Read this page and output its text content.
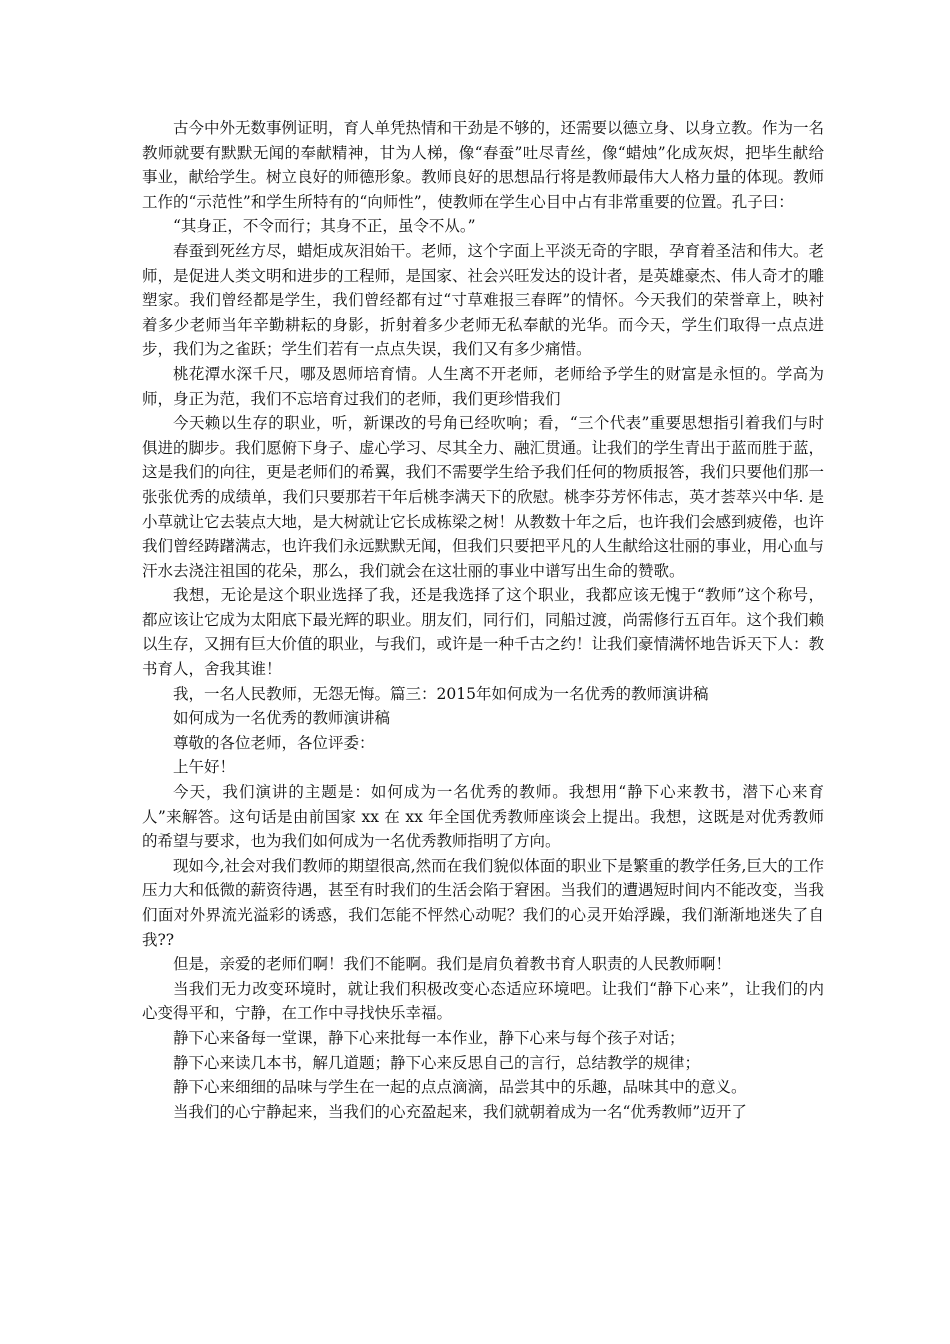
古今中外无数事例证明，育人单凭热情和干劲是不够的，还需要以德立身、以身立教。作为一名教师就要有默默无闻的奉献精神，甘为人梯，像“春蚕”吐尽青丝，像“蜡烛”化成灰烬，把毕生献给事业，献给学生。树立良好的师德形象。教师良好的思想品行将是教师最伟大人格力量的体现。教师工作的“示范性”和学生所特有的“向师性”，使教师在学生心目中占有非常重要的位置。孔子曰：

“其身正，不令而行；其身不正，虽令不从。”

春蚕到死丝方尽，蜡炬成灰泪始干。老师，这个字面上平淡无奇的字眼，孕育着圣洁和伟大。老师，是促进人类文明和进步的工程师，是国家、社会兴旺发达的设计者，是英雄豪杰、伟人奇才的雕塑家。我们曾经都是学生，我们曾经都有过“寸草难报三春晖”的情怀。今天我们的荣誉章上，映衬着多少老师当年辛勤耕耘的身影，折射着多少老师无私奉献的光华。而今天，学生们取得一点点进步，我们为之雀跃；学生们若有一点点失误，我们又有多少痛惜。

桃花潭水深千尺，哪及恩师培育情。人生离不开老师，老师给予学生的财富是永恒的。学高为师，身正为范，我们不忘培育过我们的老师，我们更珍惜我们

今天赖以生存的职业，听，新课改的号角已经吹响；看，“三个代表”重要思想指引着我们与时俱进的脚步。我们愿俯下身子、虚心学习、尽其全力、融汇贯通。让我们的学生青出于蓝而胜于蓝，这是我们的向往，更是老师们的希翼，我们不需要学生给予我们任何的物质报答，我们只要他们那一张张优秀的成绩单，我们只要那若干年后桃李满天下的欣慰。桃李芬芳怀伟志，英才荟萃兴中华. 是小草就让它去装点大地，是大树就让它长成栋梁之树！从教数十年之后，也许我们会感到疲倦，也许我们曾经踌躇满志，也许我们永远默默无闻，但我们只要把平凡的人生献给这壮丽的事业，用心血与汗水去浇注祖国的花朵，那么，我们就会在这壮丽的事业中谱写出生命的赞歌。

我想，无论是这个职业选择了我，还是我选择了这个职业，我都应该无愧于“教师”这个称号，都应该让它成为太阳底下最光辉的职业。朋友们，同行们，同船过渡，尚需修行五百年。这个我们赖以生存，又拥有巨大价值的职业，与我们，或许是一种千古之约！让我们豪情满怀地告诉天下人：教书育人，舍我其谁！

我，一名人民教师，无怨无悔。篇三：2015年如何成为一名优秀的教师演讲稿

如何成为一名优秀的教师演讲稿

尊敬的各位老师，各位评委：

上午好！

今天，我们演讲的主题是：如何成为一名优秀的教师。我想用“静下心来教书，潜下心来育人”来解答。这句话是由前国家 xx 在 xx 年全国优秀教师座谈会上提出。我想，这既是对优秀教师的希望与要求，也为我们如何成为一名优秀教师指明了方向。

现如今,社会对我们教师的期望很高,然而在我们貌似体面的职业下是繁重的教学任务,巨大的工作压力大和低微的薪资待遇，甚至有时我们的生活会陷于窘困。当我们的遭遇短时间内不能改变，当我们面对外界流光溢彩的诱惑，我们怎能不怦然心动呢？我们的心灵开始浮躁，我们渐渐地迷失了自我??

但是，亲爱的老师们啊！我们不能啊。我们是肩负着教书育人职责的人民教师啊！

当我们无力改变环境时，就让我们积极改变心态适应环境吧。让我们“静下心来”，让我们的内心变得平和，宁静，在工作中寻找快乐幸福。

静下心来备每一堂课，静下心来批每一本作业，静下心来与每个孩子对话；

静下心来读几本书，解几道题；静下心来反思自己的言行，总结教学的规律；

静下心来细细的品味与学生在一起的点点滴滴，品尝其中的乐趣，品味其中的意义。

当我们的心宁静起来，当我们的心充盈起来，我们就朝着成为一名“优秀教师”迈开了
